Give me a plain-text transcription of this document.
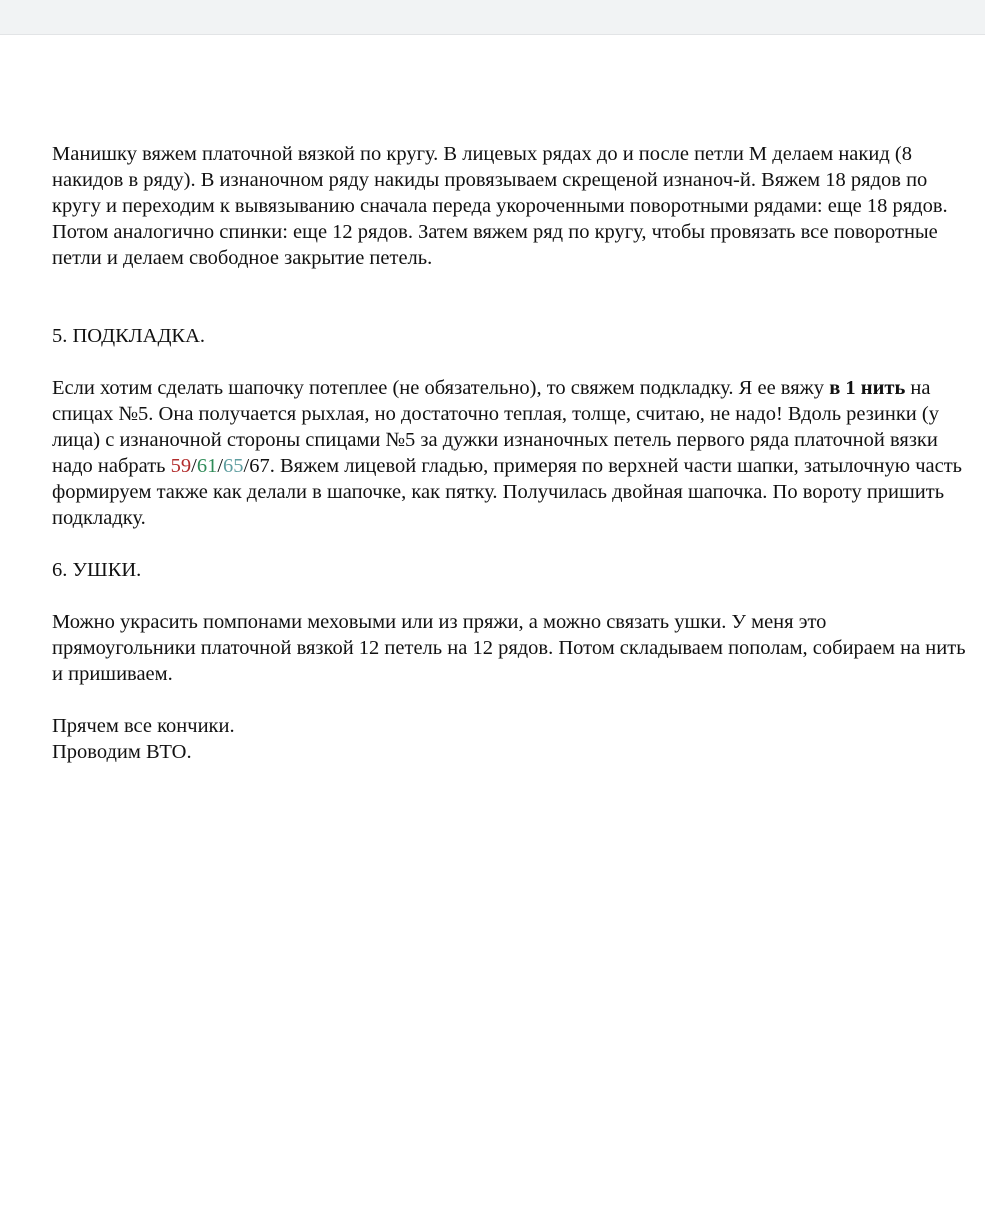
Манишку вяжем платочной вязкой по кругу. В лицевых рядах до и после петли М делаем накид (8 накидов в ряду). В изнаночном ряду накиды провязываем скрещеной изнаноч-й. Вяжем 18 рядов по кругу и переходим к вывязыванию сначала переда укороченными поворотными рядами: еще 18 рядов. Потом аналогично спинки: еще 12 рядов. Затем вяжем ряд по кругу, чтобы провязать все поворотные петли и делаем свободное закрытие петель.

5. ПОДКЛАДКА.

Если хотим сделать шапочку потеплее (не обязательно), то свяжем подкладку. Я ее вяжу в 1 нить на спицах №5. Она получается рыхлая, но достаточно теплая, толще, считаю, не надо! Вдоль резинки (у лица) с изнаночной стороны спицами №5 за дужки изнаночных петель первого ряда платочной вязки надо набрать 59/61/65/67. Вяжем лицевой гладью, примеряя по верхней части шапки, затылочную часть формируем также как делали в шапочке, как пятку. Получилась двойная шапочка. По вороту пришить подкладку.

6. УШКИ.

Можно украсить помпонами меховыми или из пряжи, а можно связать ушки. У меня это прямоугольники платочной вязкой 12 петель на 12 рядов. Потом складываем пополам, собираем на нить и пришиваем.

Прячем все кончики.

Проводим ВТО.
